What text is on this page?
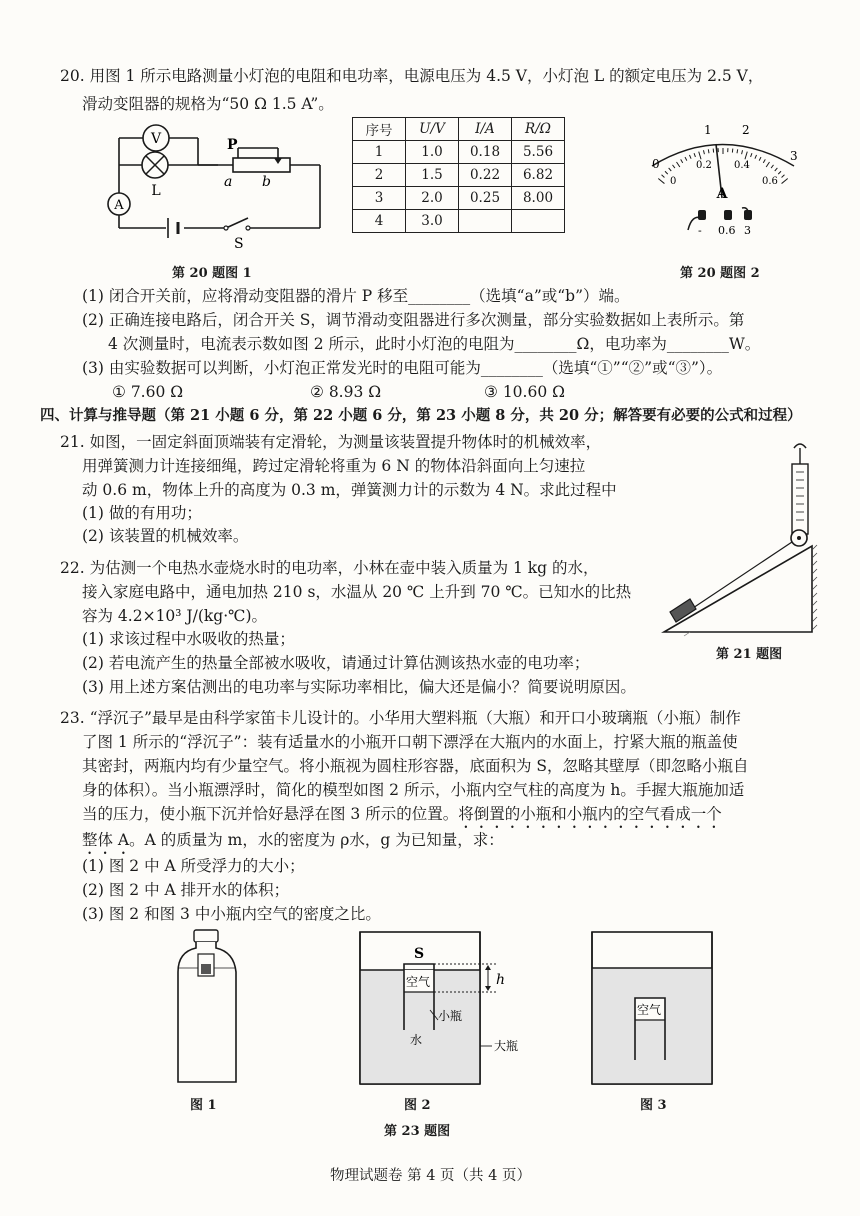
20. 用图 1 所示电路测量小灯泡的电阻和电功率，电源电压为 4.5 V，小灯泡 L 的额定电压为 2.5 V，
滑动变阻器的规格为“50 Ω 1.5 A”。
V
L
A
P
a b
S
第 20 题图 1
序号	U/V	I/A	R/Ω
1	1.0	0.18	5.56
2	1.5	0.22	6.82
3	2.0	0.25	8.00
4	3.0		
0
1	2
3
0
0.2 0.4
0.6
A
- 0.6 3
第 20 题图 2
(1) 闭合开关前，应将滑动变阻器的滑片 P 移至________（选填“a”或“b”）端。
(2) 正确连接电路后，闭合开关 S，调节滑动变阻器进行多次测量，部分实验数据如上表所示。第
4 次测量时，电流表示数如图 2 所示，此时小灯泡的电阻为________Ω，电功率为________W。
(3) 由实验数据可以判断，小灯泡正常发光时的电阻可能为________（选填“①”“②”或“③”）。
① 7.60 Ω	② 8.93 Ω	③ 10.60 Ω
四、计算与推导题（第 21 小题 6 分，第 22 小题 6 分，第 23 小题 8 分，共 20 分；解答要有必要的公式和过程）
21. 如图，一固定斜面顶端装有定滑轮，为测量该装置提升物体时的机械效率，
用弹簧测力计连接细绳，跨过定滑轮将重为 6 N 的物体沿斜面向上匀速拉
动 0.6 m，物体上升的高度为 0.3 m，弹簧测力计的示数为 4 N。求此过程中
(1) 做的有用功；
(2) 该装置的机械效率。
第 21 题图
22. 为估测一个电热水壶烧水时的电功率，小林在壶中装入质量为 1 kg 的水，
接入家庭电路中，通电加热 210 s，水温从 20 ℃ 上升到 70 ℃。已知水的比热
容为 4.2×10³ J/(kg·℃)。
(1) 求该过程中水吸收的热量；
(2) 若电流产生的热量全部被水吸收，请通过计算估测该热水壶的电功率；
(3) 用上述方案估测出的电功率与实际功率相比，偏大还是偏小？简要说明原因。
23. “浮沉子”最早是由科学家笛卡儿设计的。小华用大塑料瓶（大瓶）和开口小玻璃瓶（小瓶）制作
了图 1 所示的“浮沉子”：装有适量水的小瓶开口朝下漂浮在大瓶内的水面上，拧紧大瓶的瓶盖使
其密封，两瓶内均有少量空气。将小瓶视为圆柱形容器，底面积为 S，忽略其壁厚（即忽略小瓶自
身的体积）。当小瓶漂浮时，简化的模型如图 2 所示，小瓶内空气柱的高度为 h。手握大瓶施加适
当的压力，使小瓶下沉并恰好悬浮在图 3 所示的位置。将倒置的小瓶和小瓶内的空气看成一个
整体 A。A 的质量为 m，水的密度为 ρ水，g 为已知量，求：
(1) 图 2 中 A 所受浮力的大小；
(2) 图 2 中 A 排开水的体积；
(3) 图 2 和图 3 中小瓶内空气的密度之比。
图 1
h
S
空气
小瓶
水	大瓶
图 2
空气
图 3
第 23 题图
物理试题卷 第 4 页（共 4 页）
